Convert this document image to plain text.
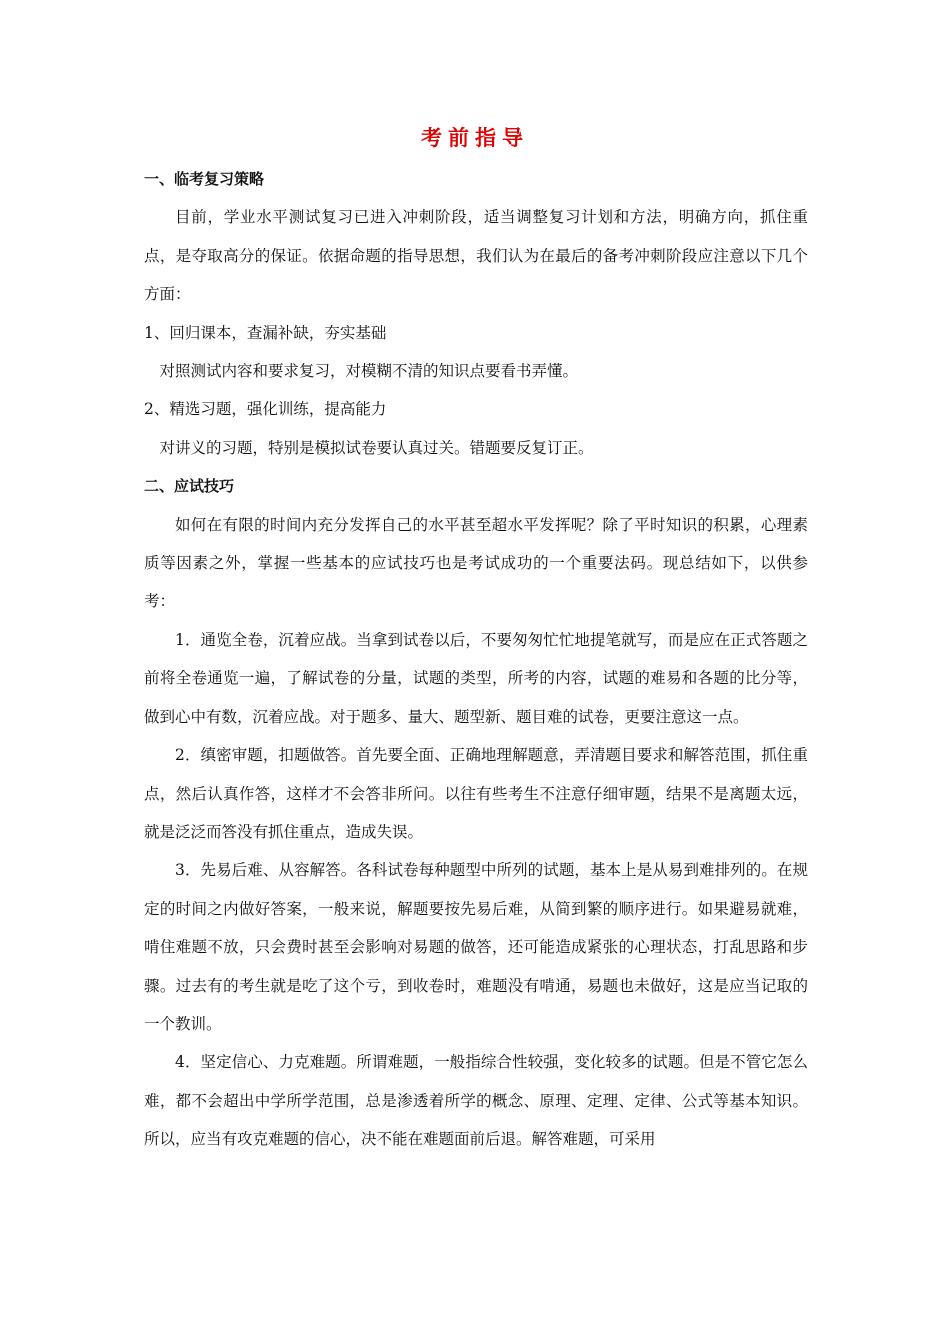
考前指导

一、临考复习策略

目前，学业水平测试复习已进入冲刺阶段，适当调整复习计划和方法，明确方向，抓住重点，是夺取高分的保证。依据命题的指导思想，我们认为在最后的备考冲刺阶段应注意以下几个方面：

1、回归课本，查漏补缺，夯实基础

对照测试内容和要求复习，对模糊不清的知识点要看书弄懂。

2、精选习题，强化训练，提高能力

对讲义的习题，特别是模拟试卷要认真过关。错题要反复订正。

二、应试技巧

如何在有限的时间内充分发挥自己的水平甚至超水平发挥呢？除了平时知识的积累，心理素质等因素之外，掌握一些基本的应试技巧也是考试成功的一个重要法码。现总结如下，以供参考：

1．通览全卷，沉着应战。当拿到试卷以后，不要匆匆忙忙地提笔就写，而是应在正式答题之前将全卷通览一遍，了解试卷的分量，试题的类型，所考的内容，试题的难易和各题的比分等，做到心中有数，沉着应战。对于题多、量大、题型新、题目难的试卷，更要注意这一点。

2．缜密审题，扣题做答。首先要全面、正确地理解题意，弄清题目要求和解答范围，抓住重点，然后认真作答，这样才不会答非所问。以往有些考生不注意仔细审题，结果不是离题太远，就是泛泛而答没有抓住重点，造成失误。

3．先易后难、从容解答。各科试卷每种题型中所列的试题，基本上是从易到难排列的。在规定的时间之内做好答案，一般来说，解题要按先易后难，从简到繁的顺序进行。如果避易就难，啃住难题不放，只会费时甚至会影响对易题的做答，还可能造成紧张的心理状态，打乱思路和步骤。过去有的考生就是吃了这个亏，到收卷时，难题没有啃通，易题也未做好，这是应当记取的一个教训。

4．坚定信心、力克难题。所谓难题，一般指综合性较强，变化较多的试题。但是不管它怎么难，都不会超出中学所学范围，总是渗透着所学的概念、原理、定理、定律、公式等基本知识。所以，应当有攻克难题的信心，决不能在难题面前后退。解答难题，可采用
